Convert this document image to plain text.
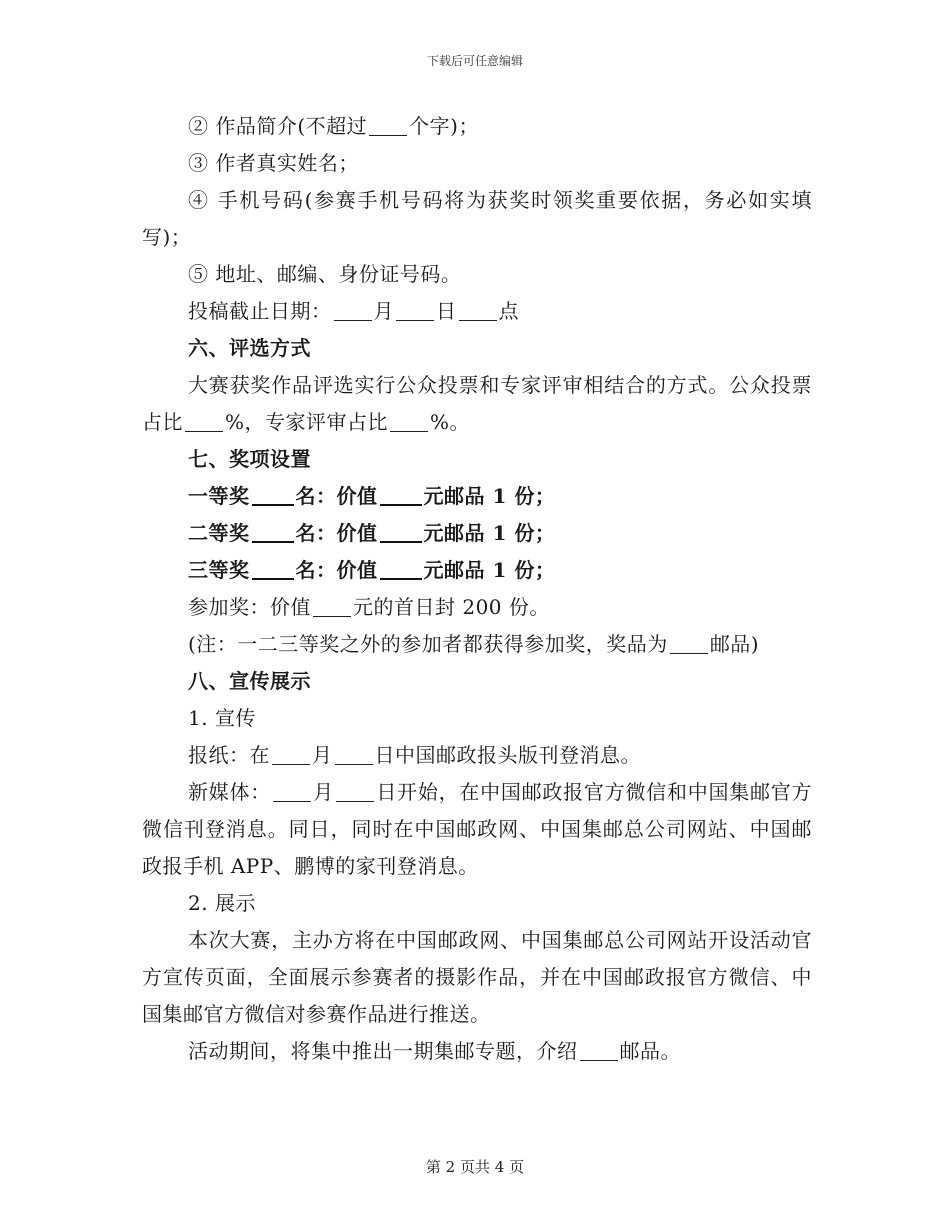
下载后可任意编辑

② 作品简介(不超过 个字)；

③ 作者真实姓名；

④ 手机号码(参赛手机号码将为获奖时领奖重要依据，务必如实填写)；

⑤ 地址、邮编、身份证号码。

投稿截止日期： 月 日 点

六、评选方式

大赛获奖作品评选实行公众投票和专家评审相结合的方式。公众投票占比 %，专家评审占比 %。

七、奖项设置

一等奖 名：价值 元邮品 1 份；

二等奖 名：价值 元邮品 1 份；

三等奖 名：价值 元邮品 1 份；

参加奖：价值 元的首日封 200 份。

(注：一二三等奖之外的参加者都获得参加奖，奖品为 邮品)

八、宣传展示

1. 宣传

报纸：在 月 日中国邮政报头版刊登消息。

新媒体： 月 日开始，在中国邮政报官方微信和中国集邮官方微信刊登消息。同日，同时在中国邮政网、中国集邮总公司网站、中国邮政报手机 APP、鹏博的家刊登消息。

2. 展示

本次大赛，主办方将在中国邮政网、中国集邮总公司网站开设活动官方宣传页面，全面展示参赛者的摄影作品，并在中国邮政报官方微信、中国集邮官方微信对参赛作品进行推送。

活动期间，将集中推出一期集邮专题，介绍 邮品。

第 2 页共 4 页
